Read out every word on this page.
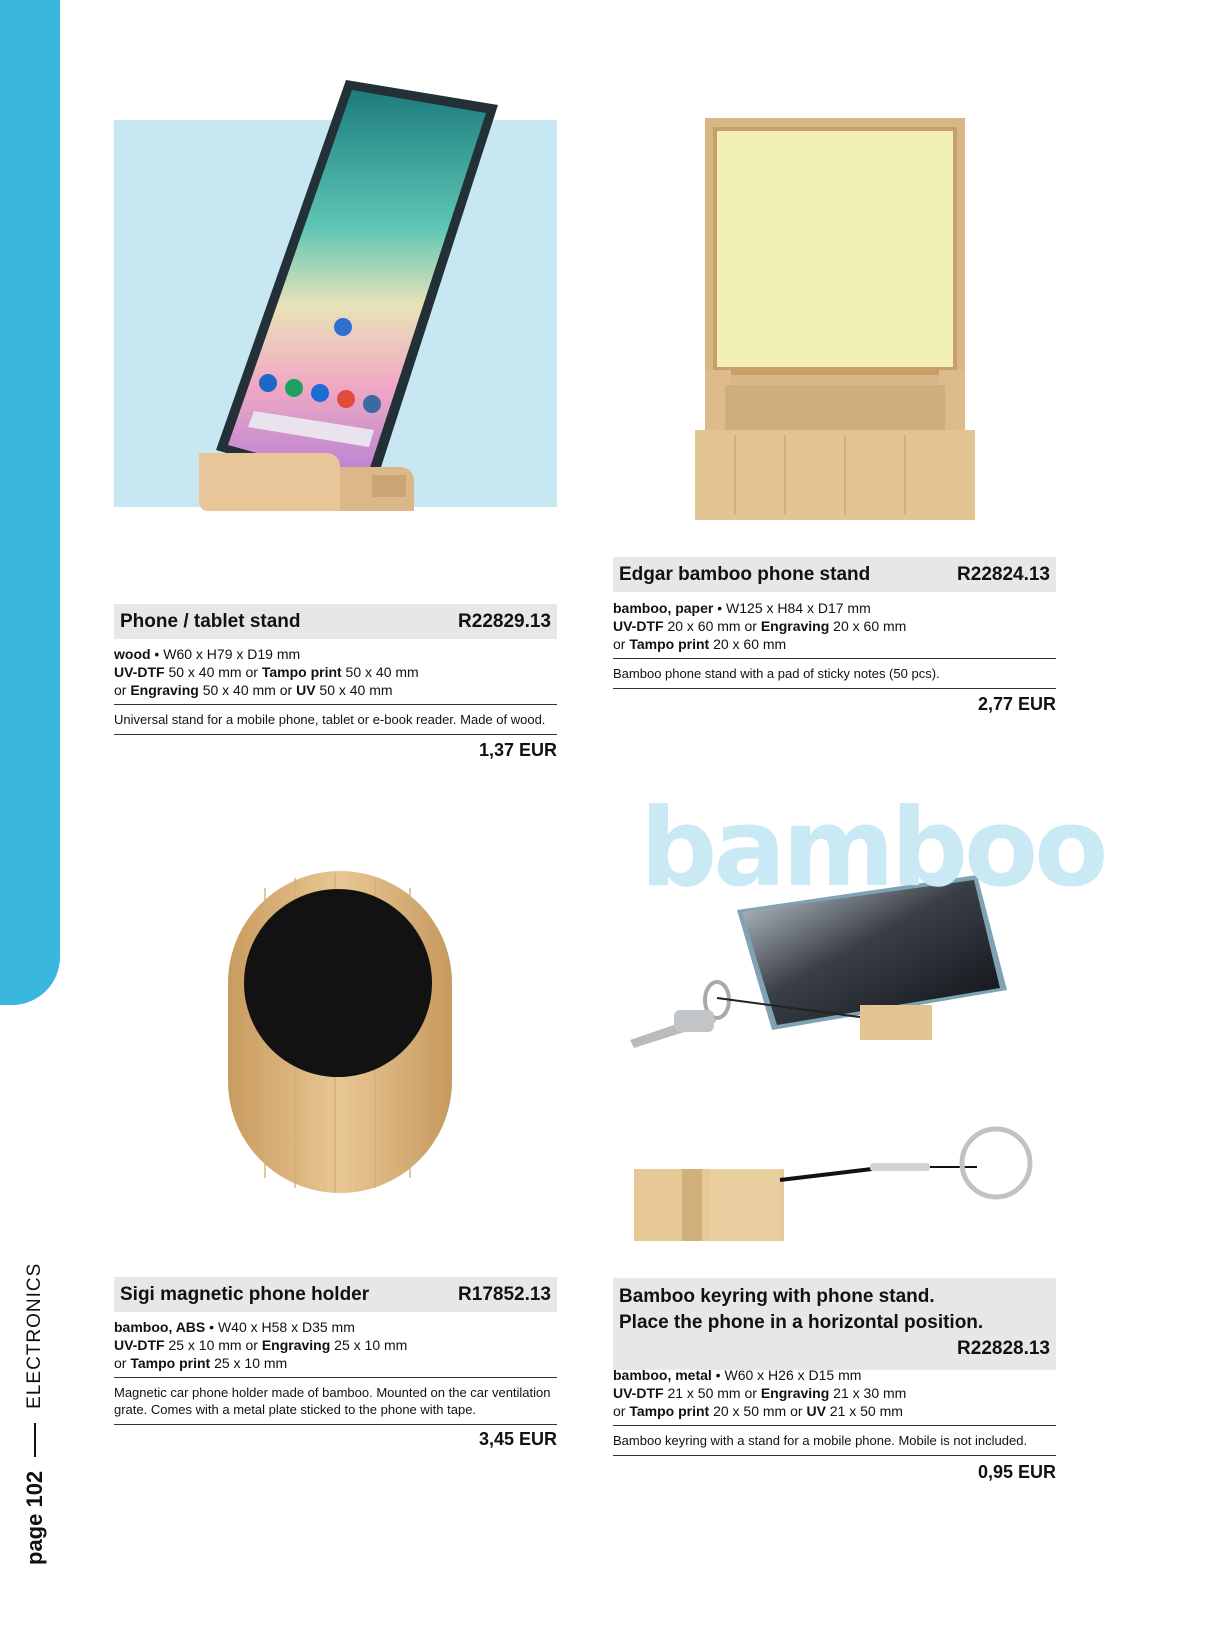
page 102
ELECTRONICS
Phone / tablet stand	R22829.13
wood • W60 x H79 x D19 mm
UV-DTF 50 x 40 mm or Tampo print 50 x 40 mm
or Engraving 50 x 40 mm or UV 50 x 40 mm
Universal stand for a mobile phone, tablet or e-book reader. Made of wood.
1,37 EUR
Edgar bamboo phone stand	R22824.13
bamboo, paper • W125 x H84 x D17 mm
UV-DTF 20 x 60 mm or Engraving 20 x 60 mm
or Tampo print 20 x 60 mm
Bamboo phone stand with a pad of sticky notes (50 pcs).
2,77 EUR
bamboo
Sigi magnetic phone holder	R17852.13
bamboo, ABS • W40 x H58 x D35 mm
UV-DTF 25 x 10 mm or Engraving 25 x 10 mm
or Tampo print 25 x 10 mm
Magnetic car phone holder made of bamboo. Mounted on the car ventilation grate. Comes with a metal plate sticked to the phone with tape.
3,45 EUR
Bamboo keyring with phone stand.
Place the phone in a horizontal position.
R22828.13
bamboo, metal • W60 x H26 x D15 mm
UV-DTF 21 x 50 mm or Engraving 21 x 30 mm
or Tampo print 20 x 50 mm or UV 21 x 50 mm
Bamboo keyring with a stand for a mobile phone. Mobile is not included.
0,95 EUR
